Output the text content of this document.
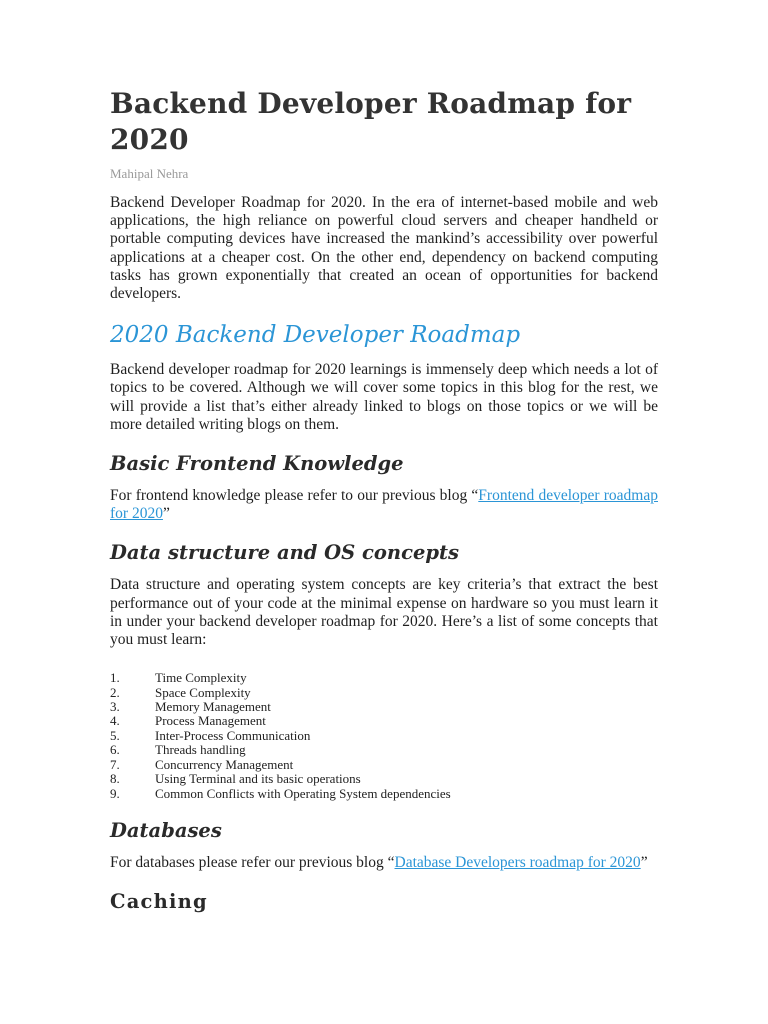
Backend Developer Roadmap for 2020
Mahipal Nehra

Backend Developer Roadmap for 2020. In the era of internet-based mobile and web applications, the high reliance on powerful cloud servers and cheaper handheld or portable computing devices have increased the mankind’s accessibility over powerful applications at a cheaper cost. On the other end, dependency on backend computing tasks has grown exponentially that created an ocean of opportunities for backend developers.

2020 Backend Developer Roadmap

Backend developer roadmap for 2020 learnings is immensely deep which needs a lot of topics to be covered. Although we will cover some topics in this blog for the rest, we will provide a list that’s either already linked to blogs on those topics or we will be more detailed writing blogs on them.

Basic Frontend Knowledge

For frontend knowledge please refer to our previous blog “Frontend developer roadmap for 2020”

Data structure and OS concepts

Data structure and operating system concepts are key criteria’s that extract the best performance out of your code at the minimal expense on hardware so you must learn it in under your backend developer roadmap for 2020. Here’s a list of some concepts that you must learn:

1.	Time Complexity
2.	Space Complexity
3.	Memory Management
4.	Process Management
5.	Inter-Process Communication
6.	Threads handling
7.	Concurrency Management
8.	Using Terminal and its basic operations
9.	Common Conflicts with Operating System dependencies
Databases

For databases please refer our previous blog “Database Developers roadmap for 2020”

Caching
